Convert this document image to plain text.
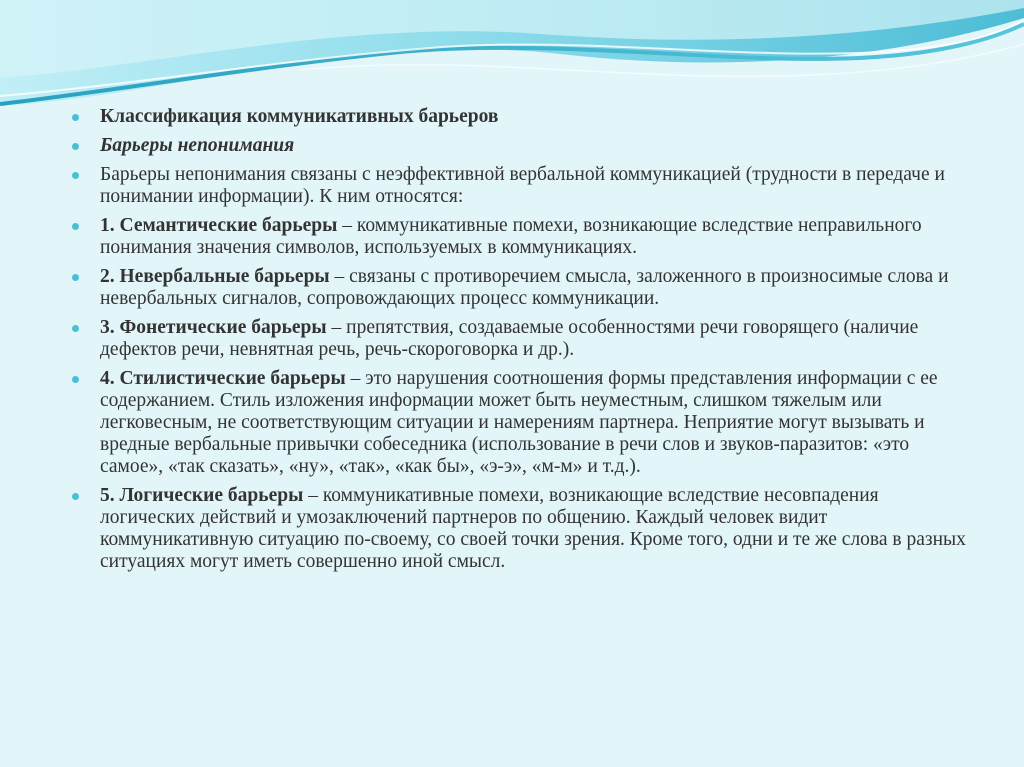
Классификация коммуникативных барьеров
Барьеры непонимания
Барьеры непонимания связаны с неэффективной вербальной коммуникацией (трудности в передаче и понимании информации). К ним относятся:
1. Семантические барьеры – коммуникативные помехи, возникающие вследствие неправильного понимания значения символов, используемых в коммуникациях.
2. Невербальные барьеры – связаны с противоречием смысла, заложенного в произносимые слова и невербальных сигналов, сопровождающих процесс коммуникации.
3. Фонетические барьеры – препятствия, создаваемые особенностями речи говорящего (наличие дефектов речи, невнятная речь, речь-скороговорка и др.).
4. Стилистические барьеры – это нарушения соотношения формы представления информации с ее содержанием. Стиль изложения информации может быть неуместным, слишком тяжелым или легковесным, не соответствующим ситуации и намерениям партнера. Неприятие могут вызывать и вредные вербальные привычки собеседника (использование в речи слов и звуков-паразитов: «это самое», «так сказать», «ну», «так», «как бы», «э-э», «м-м» и т.д.).
5. Логические барьеры – коммуникативные помехи, возникающие вследствие несовпадения логических действий и умозаключений партнеров по общению. Каждый человек видит коммуникативную ситуацию по-своему, со своей точки зрения. Кроме того, одни и те же слова в разных ситуациях могут иметь совершенно иной смысл.
